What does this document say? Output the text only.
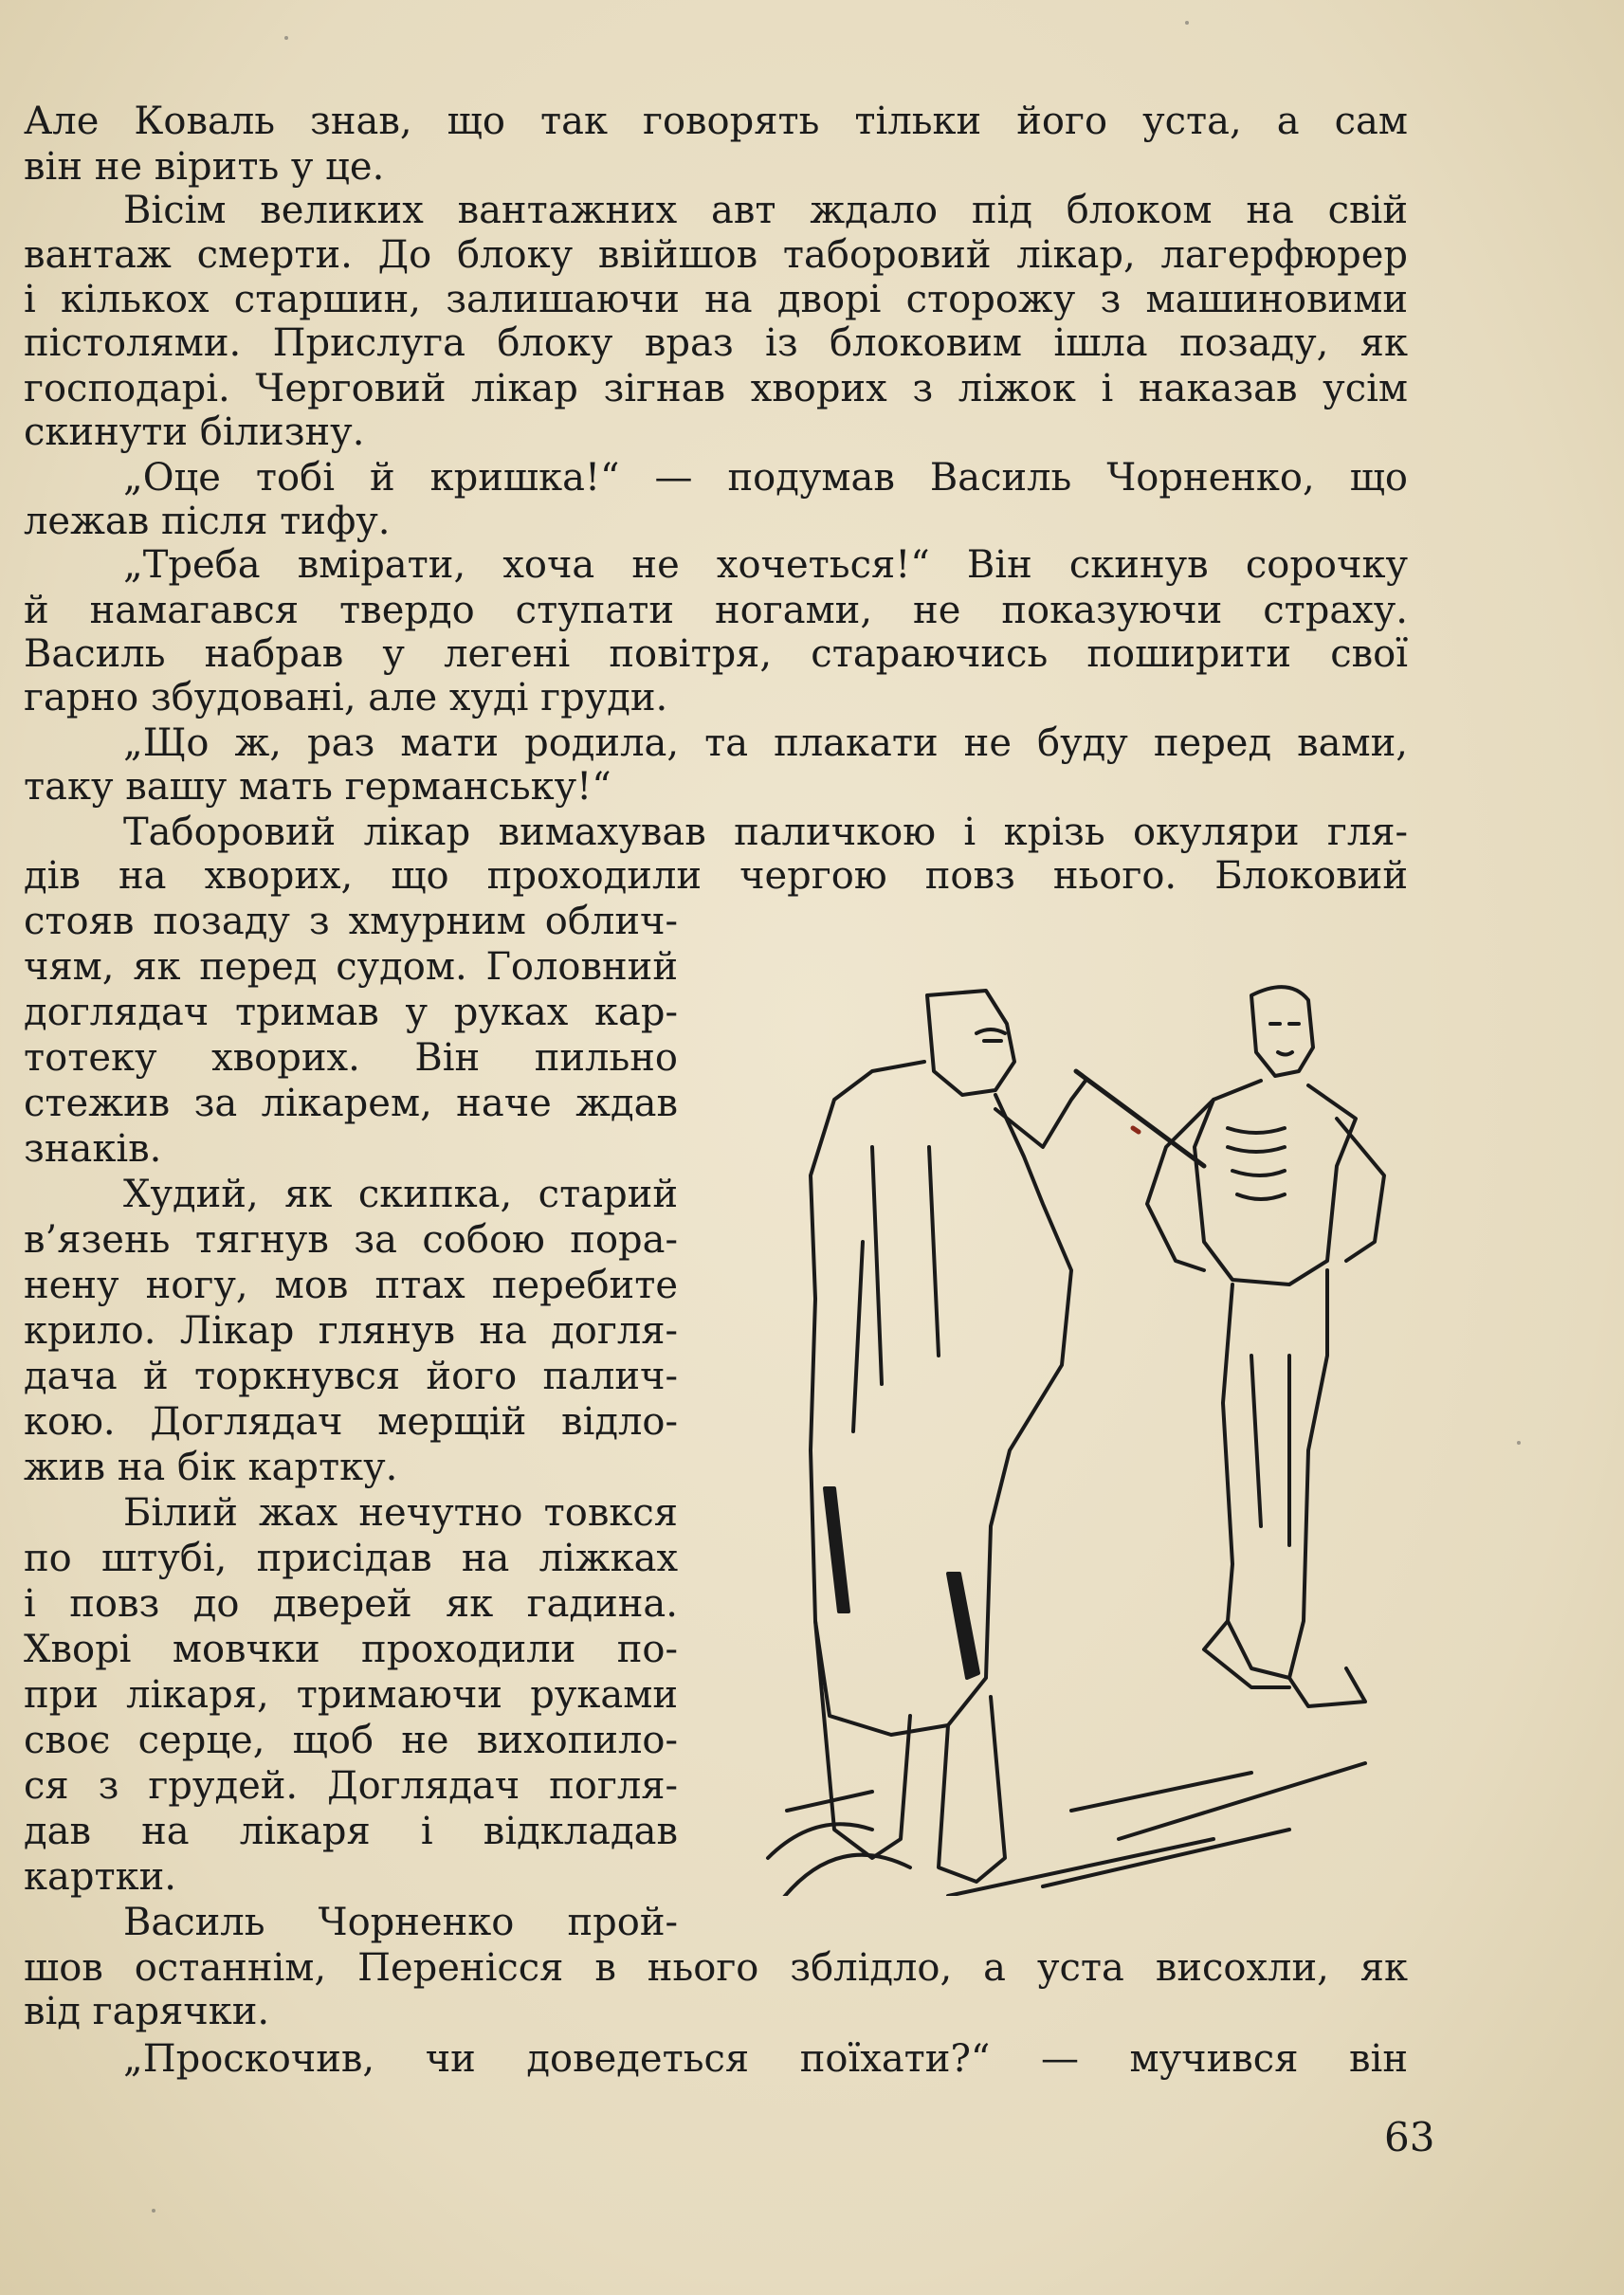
Але Коваль знав, що так говорять тільки його уста, а сам
він не вірить у це.
Вісім великих вантажних авт ждало під блоком на свій
вантаж смерти. До блоку ввійшов таборовий лікар, лагерфюрер
і кількох старшин, залишаючи на дворі сторожу з машиновими
пістолями. Прислуга блоку враз із блоковим ішла позаду, як
господарі. Черговий лікар зігнав хворих з ліжок і наказав усім
скинути білизну.
„Оце тобі й кришка!“ — подумав Василь Чорненко, що
лежав після тифу.
„Треба вмірати, хоча не хочеться!“ Він скинув сорочку
й намагався твердо ступати ногами, не показуючи страху.
Василь набрав у легені повітря, стараючись поширити свої
гарно збудовані, але худі груди.
„Що ж, раз мати родила, та плакати не буду перед вами,
таку вашу мать германську!“
Таборовий лікар вимахував паличкою і крізь окуляри гля-
дів на хворих, що проходили чергою повз нього. Блоковий
стояв позаду з хмурним облич-
чям, як перед судом. Головний
доглядач тримав у руках кар-
тотеку хворих. Він пильно
стежив за лікарем, наче ждав
знаків.
Худий, як скипка, старий
в’язень тягнув за собою пора-
нену ногу, мов птах перебите
крило. Лікар глянув на догля-
дача й торкнувся його палич-
кою. Доглядач мерщій відло-
жив на бік картку.
Білий жах нечутно товкся
по штубі, присідав на ліжках
і повз до дверей як гадина.
Хворі мовчки проходили по-
при лікаря, тримаючи руками
своє серце, щоб не вихопило-
ся з грудей. Доглядач погля-
дав на лікаря і відкладав
картки.
Василь Чорненко прой-
шов останнім, Перенісся в нього зблідло, а уста висохли, як
від гарячки.
„Проскочив, чи доведеться поїхати?“ — мучився він
63
